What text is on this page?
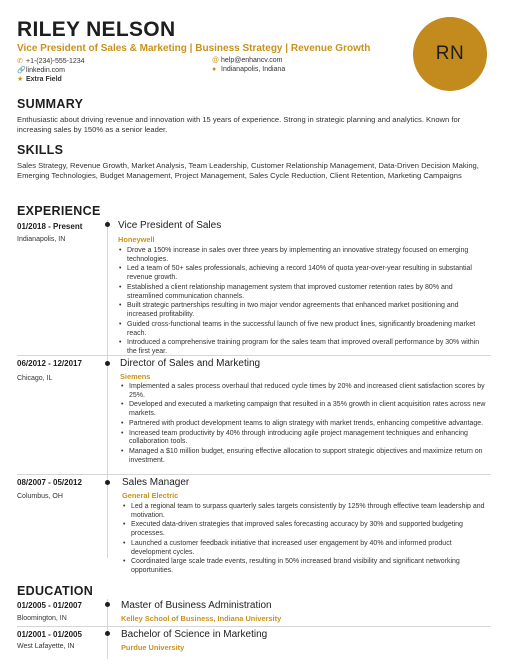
RILEY NELSON
Vice President of Sales & Marketing | Business Strategy | Revenue Growth
✆ +1-(234)-555-1234	@ help@enhancv.com
🔗 linkedin.com	● Indianapolis, Indiana
★ Extra Field
RN
SUMMARY
Enthusiastic about driving revenue and innovation with 15 years of experience. Strong in strategic planning and analytics. Known for increasing sales by 150% as a senior leader.
SKILLS
Sales Strategy, Revenue Growth, Market Analysis, Team Leadership, Customer Relationship Management, Data-Driven Decision Making, Emerging Technologies, Budget Management, Project Management, Sales Cycle Reduction, Client Retention, Marketing Campaigns
EXPERIENCE
01/2018 - Present
Indianapolis, IN
Vice President of Sales
Honeywell
• Drove a 150% increase in sales over three years by implementing an innovative strategy focused on emerging technologies.
• Led a team of 50+ sales professionals, achieving a record 140% of quota year-over-year resulting in substantial revenue growth.
• Established a client relationship management system that improved customer retention rates by 80% and streamlined communication channels.
• Built strategic partnerships resulting in two major vendor agreements that enhanced market positioning and increased profitability.
• Guided cross-functional teams in the successful launch of five new product lines, significantly broadening market reach.
• Introduced a comprehensive training program for the sales team that improved overall performance by 30% within the first year.
06/2012 - 12/2017
Chicago, IL
Director of Sales and Marketing
Siemens
• Implemented a sales process overhaul that reduced cycle times by 20% and increased client satisfaction scores by 25%.
• Developed and executed a marketing campaign that resulted in a 35% growth in client acquisition rates across new markets.
• Partnered with product development teams to align strategy with market trends, enhancing competitive advantage.
• Increased team productivity by 40% through introducing agile project management techniques and enhancing collaboration tools.
• Managed a $10 million budget, ensuring effective allocation to support strategic objectives and maximize return on investment.
08/2007 - 05/2012
Columbus, OH
Sales Manager
General Electric
• Led a regional team to surpass quarterly sales targets consistently by 125% through effective team leadership and motivation.
• Executed data-driven strategies that improved sales forecasting accuracy by 30% and supported budgeting processes.
• Launched a customer feedback initiative that increased user engagement by 40% and informed product development cycles.
• Coordinated large scale trade events, resulting in 50% increased brand visibility and significant networking opportunities.
EDUCATION
01/2005 - 01/2007
Bloomington, IN
Master of Business Administration
Kelley School of Business, Indiana University
01/2001 - 01/2005
West Lafayette, IN
Bachelor of Science in Marketing
Purdue University
